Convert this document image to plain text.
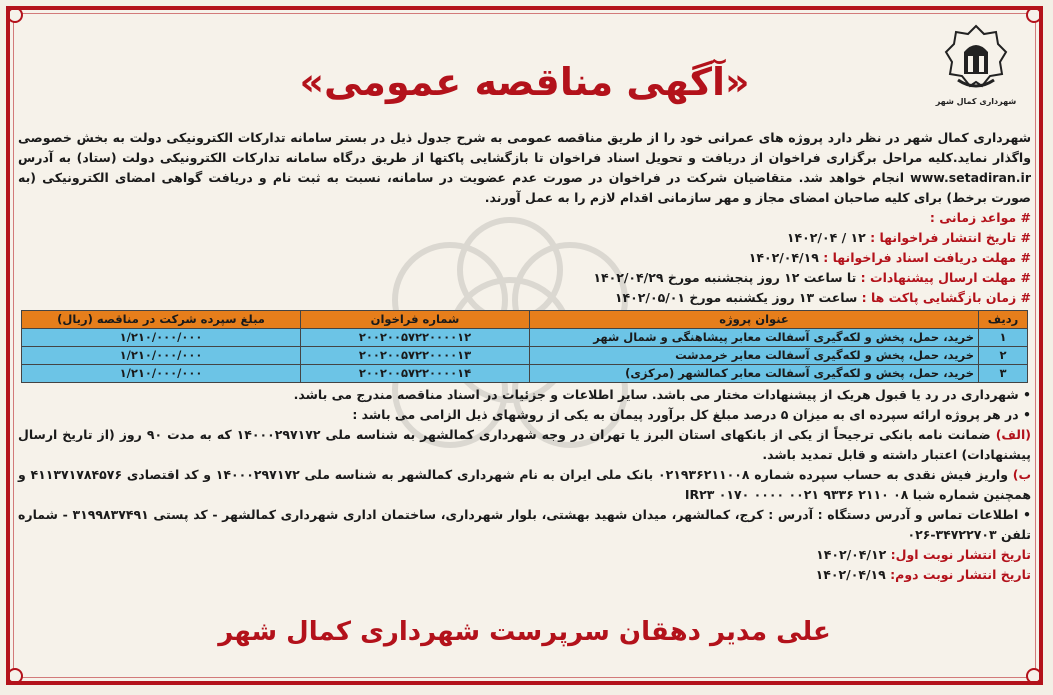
شهرداری کمال شهر
«آگهی مناقصه عمومی»
شهرداری کمال شهر در نظر دارد پروژه های عمرانی خود را از طریق مناقصه عمومی به شرح جدول ذیل در بستر سامانه تدارکات الکترونیکی دولت به بخش خصوصی واگذار نماید.کلیه مراحل برگزاری فراخوان از دریافت و تحویل اسناد فراخوان تا بازگشایی پاکتها از طریق درگاه سامانه تدارکات الکترونیکی دولت (ستاد) به آدرس www.setadiran.ir انجام خواهد شد. متقاضیان شرکت در فراخوان در صورت عدم عضویت در سامانه، نسبت به ثبت نام و دریافت گواهی امضای الکترونیکی (به صورت برخط) برای کلیه صاحبان امضای مجاز و مهر سازمانی اقدام لازم را به عمل آورند.
# مواعد زمانی :
# تاریخ انتشار فراخوانها : ۱۲ / ۱۴۰۲/۰۴
# مهلت دریافت اسناد فراخوانها : ۱۴۰۲/۰۴/۱۹
# مهلت ارسال پیشنهادات : تا ساعت ۱۲ روز پنجشنبه مورخ ۱۴۰۲/۰۴/۲۹
# زمان بازگشایی پاکت ها : ساعت ۱۳ روز یکشنبه مورخ ۱۴۰۲/۰۵/۰۱
ردیف	عنوان پروژه	شماره فراخوان	مبلغ سپرده شرکت در مناقصه (ریال)
۱	خرید، حمل، پخش و لکه‌گیری آسفالت معابر پیشاهنگی و شمال شهر	۲۰۰۲۰۰۵۷۲۲۰۰۰۰۱۲	۱/۲۱۰/۰۰۰/۰۰۰
۲	خرید، حمل، پخش و لکه‌گیری آسفالت معابر خرمدشت	۲۰۰۲۰۰۵۷۲۲۰۰۰۰۱۳	۱/۲۱۰/۰۰۰/۰۰۰
۳	خرید، حمل، پخش و لکه‌گیری آسفالت معابر کمالشهر (مرکزی)	۲۰۰۲۰۰۵۷۲۲۰۰۰۰۱۴	۱/۲۱۰/۰۰۰/۰۰۰
• شهرداری در رد یا قبول هریک از پیشنهادات مختار می باشد. سایر اطلاعات و جزئیات در اسناد مناقصه مندرج می باشد.
• در هر پروژه ارائه سپرده ای به میزان ۵ درصد مبلغ کل برآورد پیمان به یکی از روشهای ذیل الزامی می باشد :
(الف) ضمانت نامه بانکی ترجیحاً از یکی از بانکهای استان البرز یا تهران در وجه شهرداری کمالشهر به شناسه ملی ۱۴۰۰۰۲۹۷۱۷۲ که به مدت ۹۰ روز (از تاریخ ارسال پیشنهادات) اعتبار داشته و قابل تمدید باشد.
ب) واریز فیش نقدی به حساب سپرده شماره ۰۲۱۹۳۶۲۱۱۰۰۸ بانک ملی ایران به نام شهرداری کمالشهر به شناسه ملی ۱۴۰۰۰۲۹۷۱۷۲ و کد اقتصادی ۴۱۱۳۷۱۷۸۴۵۷۶ و همچنین شماره شبا IR۲۳ ۰۱۷۰ ۰۰۰۰ ۰۰۲۱ ۹۳۳۶ ۲۱۱۰ ۰۸
• اطلاعات تماس و آدرس دستگاه : آدرس : کرج، کمالشهر، میدان شهید بهشتی، بلوار شهرداری، ساختمان اداری شهرداری کمالشهر - کد پستی ۳۱۹۹۸۳۷۴۹۱ - شماره تلفن ۳۴۷۲۲۷۰۳-۰۲۶
تاریخ انتشار نوبت اول: ۱۴۰۲/۰۴/۱۲
تاریخ انتشار نوبت دوم: ۱۴۰۲/۰۴/۱۹
علی مدیر دهقان سرپرست شهرداری کمال شهر
